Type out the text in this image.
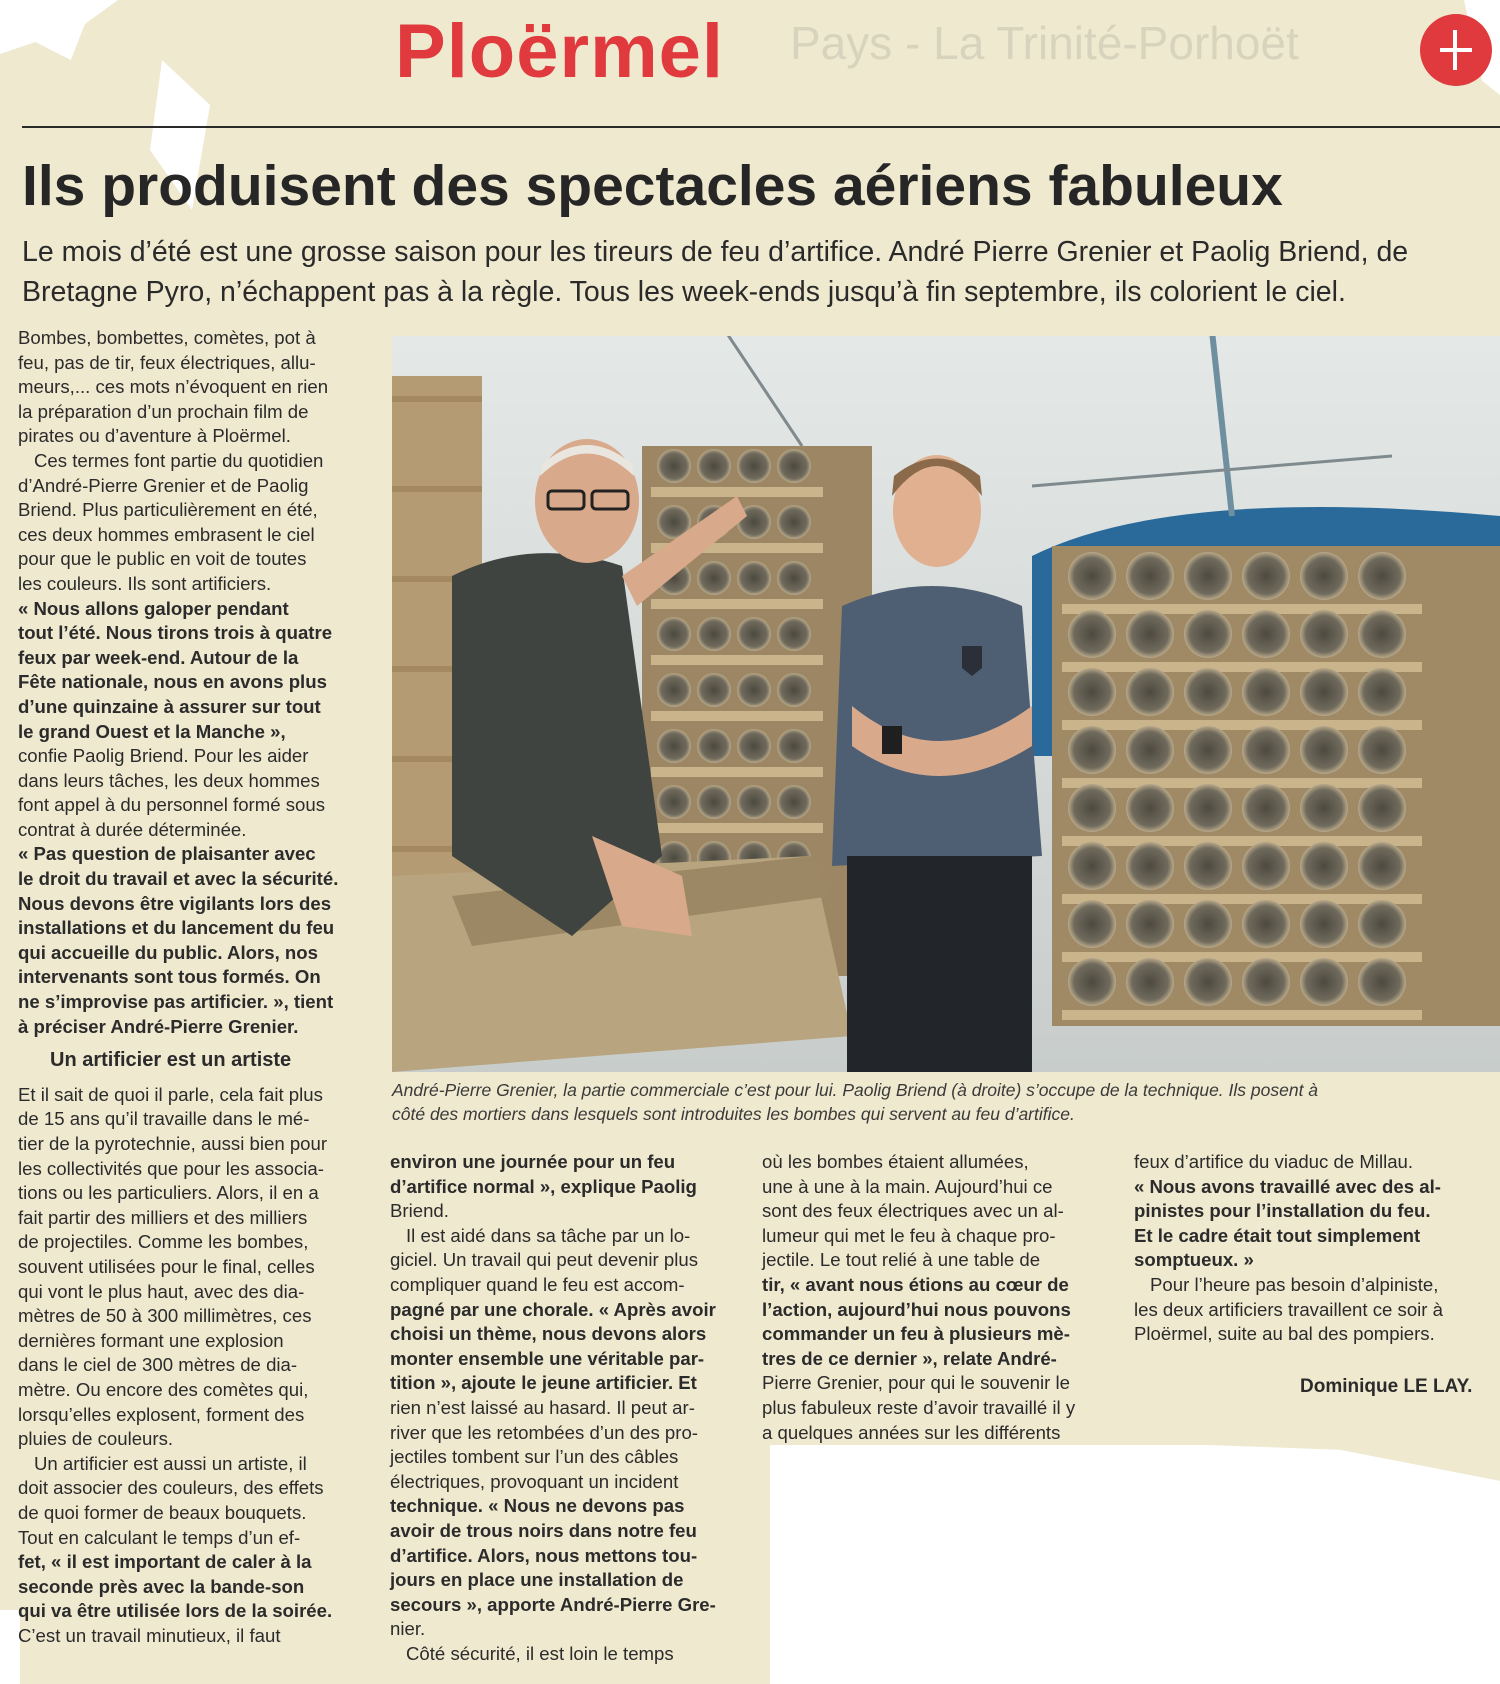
Pays - La Trinité-Porhoët
Ploërmel
Ils produisent des spectacles aériens fabuleux

Le mois d’été est une grosse saison pour les tireurs de feu d’artifice. André Pierre Grenier et Paolig Briend, de

Bretagne Pyro, n’échappent pas à la règle. Tous les week-ends jusqu’à fin septembre, ils colorient le ciel.

Bombes, bombettes, comètes, pot à

feu, pas de tir, feux électriques, allu-

meurs,... ces mots n’évoquent en rien

la préparation d’un prochain film de

pirates ou d’aventure à Ploërmel.

Ces termes font partie du quotidien

d’André-Pierre Grenier et de Paolig

Briend. Plus particulièrement en été,

ces deux hommes embrasent le ciel

pour que le public en voit de toutes

les couleurs. Ils sont artificiers.

« Nous allons galoper pendant

tout l’été. Nous tirons trois à quatre

feux par week-end. Autour de la

Fête nationale, nous en avons plus

d’une quinzaine à assurer sur tout

le grand Ouest et la Manche »,

confie Paolig Briend. Pour les aider

dans leurs tâches, les deux hommes

font appel à du personnel formé sous

contrat à durée déterminée.

« Pas question de plaisanter avec

le droit du travail et avec la sécurité.

Nous devons être vigilants lors des

installations et du lancement du feu

qui accueille du public. Alors, nos

intervenants sont tous formés. On

ne s’improvise pas artificier. », tient

à préciser André-Pierre Grenier.

Un artificier est un artiste

Et il sait de quoi il parle, cela fait plus

de 15 ans qu’il travaille dans le mé-

tier de la pyrotechnie, aussi bien pour

les collectivités que pour les associa-

tions ou les particuliers. Alors, il en a

fait partir des milliers et des milliers

de projectiles. Comme les bombes,

souvent utilisées pour le final, celles

qui vont le plus haut, avec des dia-

mètres de 50 à 300 millimètres, ces

dernières formant une explosion

dans le ciel de 300 mètres de dia-

mètre. Ou encore des comètes qui,

lorsqu’elles explosent, forment des

pluies de couleurs.

Un artificier est aussi un artiste, il

doit associer des couleurs, des effets

de quoi former de beaux bouquets.

Tout en calculant le temps d’un ef-

fet, « il est important de caler à la

seconde près avec la bande-son

qui va être utilisée lors de la soirée.

C’est un travail minutieux, il faut

André-Pierre Grenier, la partie commerciale c’est pour lui. Paolig Briend (à droite) s’occupe de la technique. Ils posent à

côté des mortiers dans lesquels sont introduites les bombes qui servent au feu d’artifice.

environ une journée pour un feu

d’artifice normal », explique Paolig

Briend.

Il est aidé dans sa tâche par un lo-

giciel. Un travail qui peut devenir plus

compliquer quand le feu est accom-

pagné par une chorale. « Après avoir

choisi un thème, nous devons alors

monter ensemble une véritable par-

tition », ajoute le jeune artificier. Et

rien n’est laissé au hasard. Il peut ar-

river que les retombées d’un des pro-

jectiles tombent sur l’un des câbles

électriques, provoquant un incident

technique. « Nous ne devons pas

avoir de trous noirs dans notre feu

d’artifice. Alors, nous mettons tou-

jours en place une installation de

secours », apporte André-Pierre Gre-

nier.

Côté sécurité, il est loin le temps

où les bombes étaient allumées,

une à une à la main. Aujourd’hui ce

sont des feux électriques avec un al-

lumeur qui met le feu à chaque pro-

jectile. Le tout relié à une table de

tir, « avant nous étions au cœur de

l’action, aujourd’hui nous pouvons

commander un feu à plusieurs mè-

tres de ce dernier », relate André-

Pierre Grenier, pour qui le souvenir le

plus fabuleux reste d’avoir travaillé il y

a quelques années sur les différents

feux d’artifice du viaduc de Millau.

« Nous avons travaillé avec des al-

pinistes pour l’installation du feu.

Et le cadre était tout simplement

somptueux. »

Pour l’heure pas besoin d’alpiniste,

les deux artificiers travaillent ce soir à

Ploërmel, suite au bal des pompiers.

Dominique LE LAY.
